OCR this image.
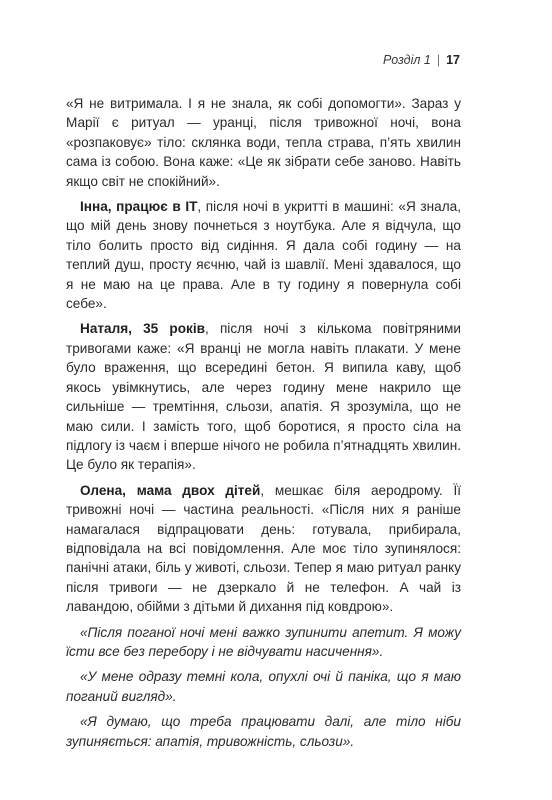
Розділ 1 | 17

«Я не витримала. І я не знала, як собі допомогти». Зараз у Марії є ритуал — уранці, після тривожної ночі, вона «розпаковує» тіло: склянка води, тепла страва, п’ять хвилин сама із собою. Вона каже: «Це як зібрати себе заново. Навіть якщо світ не спокійний».

Інна, працює в IT, після ночі в укритті в машині: «Я знала, що мій день знову почнеться з ноутбука. Але я відчула, що тіло болить просто від сидіння. Я дала собі годину — на теплий душ, просту яєчню, чай із шавлії. Мені здавалося, що я не маю на це права. Але в ту годину я повернула собі себе».

Наталя, 35 років, після ночі з кількома повітряними тривогами каже: «Я вранці не могла навіть плакати. У мене було враження, що всередині бетон. Я випила каву, щоб якось увімкнутись, але через годину мене накрило ще сильніше — тремтіння, сльози, апатія. Я зрозуміла, що не маю сили. І замість того, щоб боротися, я просто сіла на підлогу із чаєм і вперше нічого не робила п’ятнадцять хвилин. Це було як терапія».

Олена, мама двох дітей, мешкає біля аеродрому. Її тривожні ночі — частина реальності. «Після них я раніше намагалася відпрацювати день: готувала, прибирала, відповідала на всі повідомлення. Але моє тіло зупинялося: панічні атаки, біль у животі, сльози. Тепер я маю ритуал ранку після тривоги — не дзеркало й не телефон. А чай із лавандою, обійми з дітьми й дихання під ковдрою».

«Після поганої ночі мені важко зупинити апетит. Я можу їсти все без перебору і не відчувати насичення».

«У мене одразу темні кола, опухлі очі й паніка, що я маю поганий вигляд».

«Я думаю, що треба працювати далі, але тіло ніби зупиняється: апатія, тривожність, сльози».
